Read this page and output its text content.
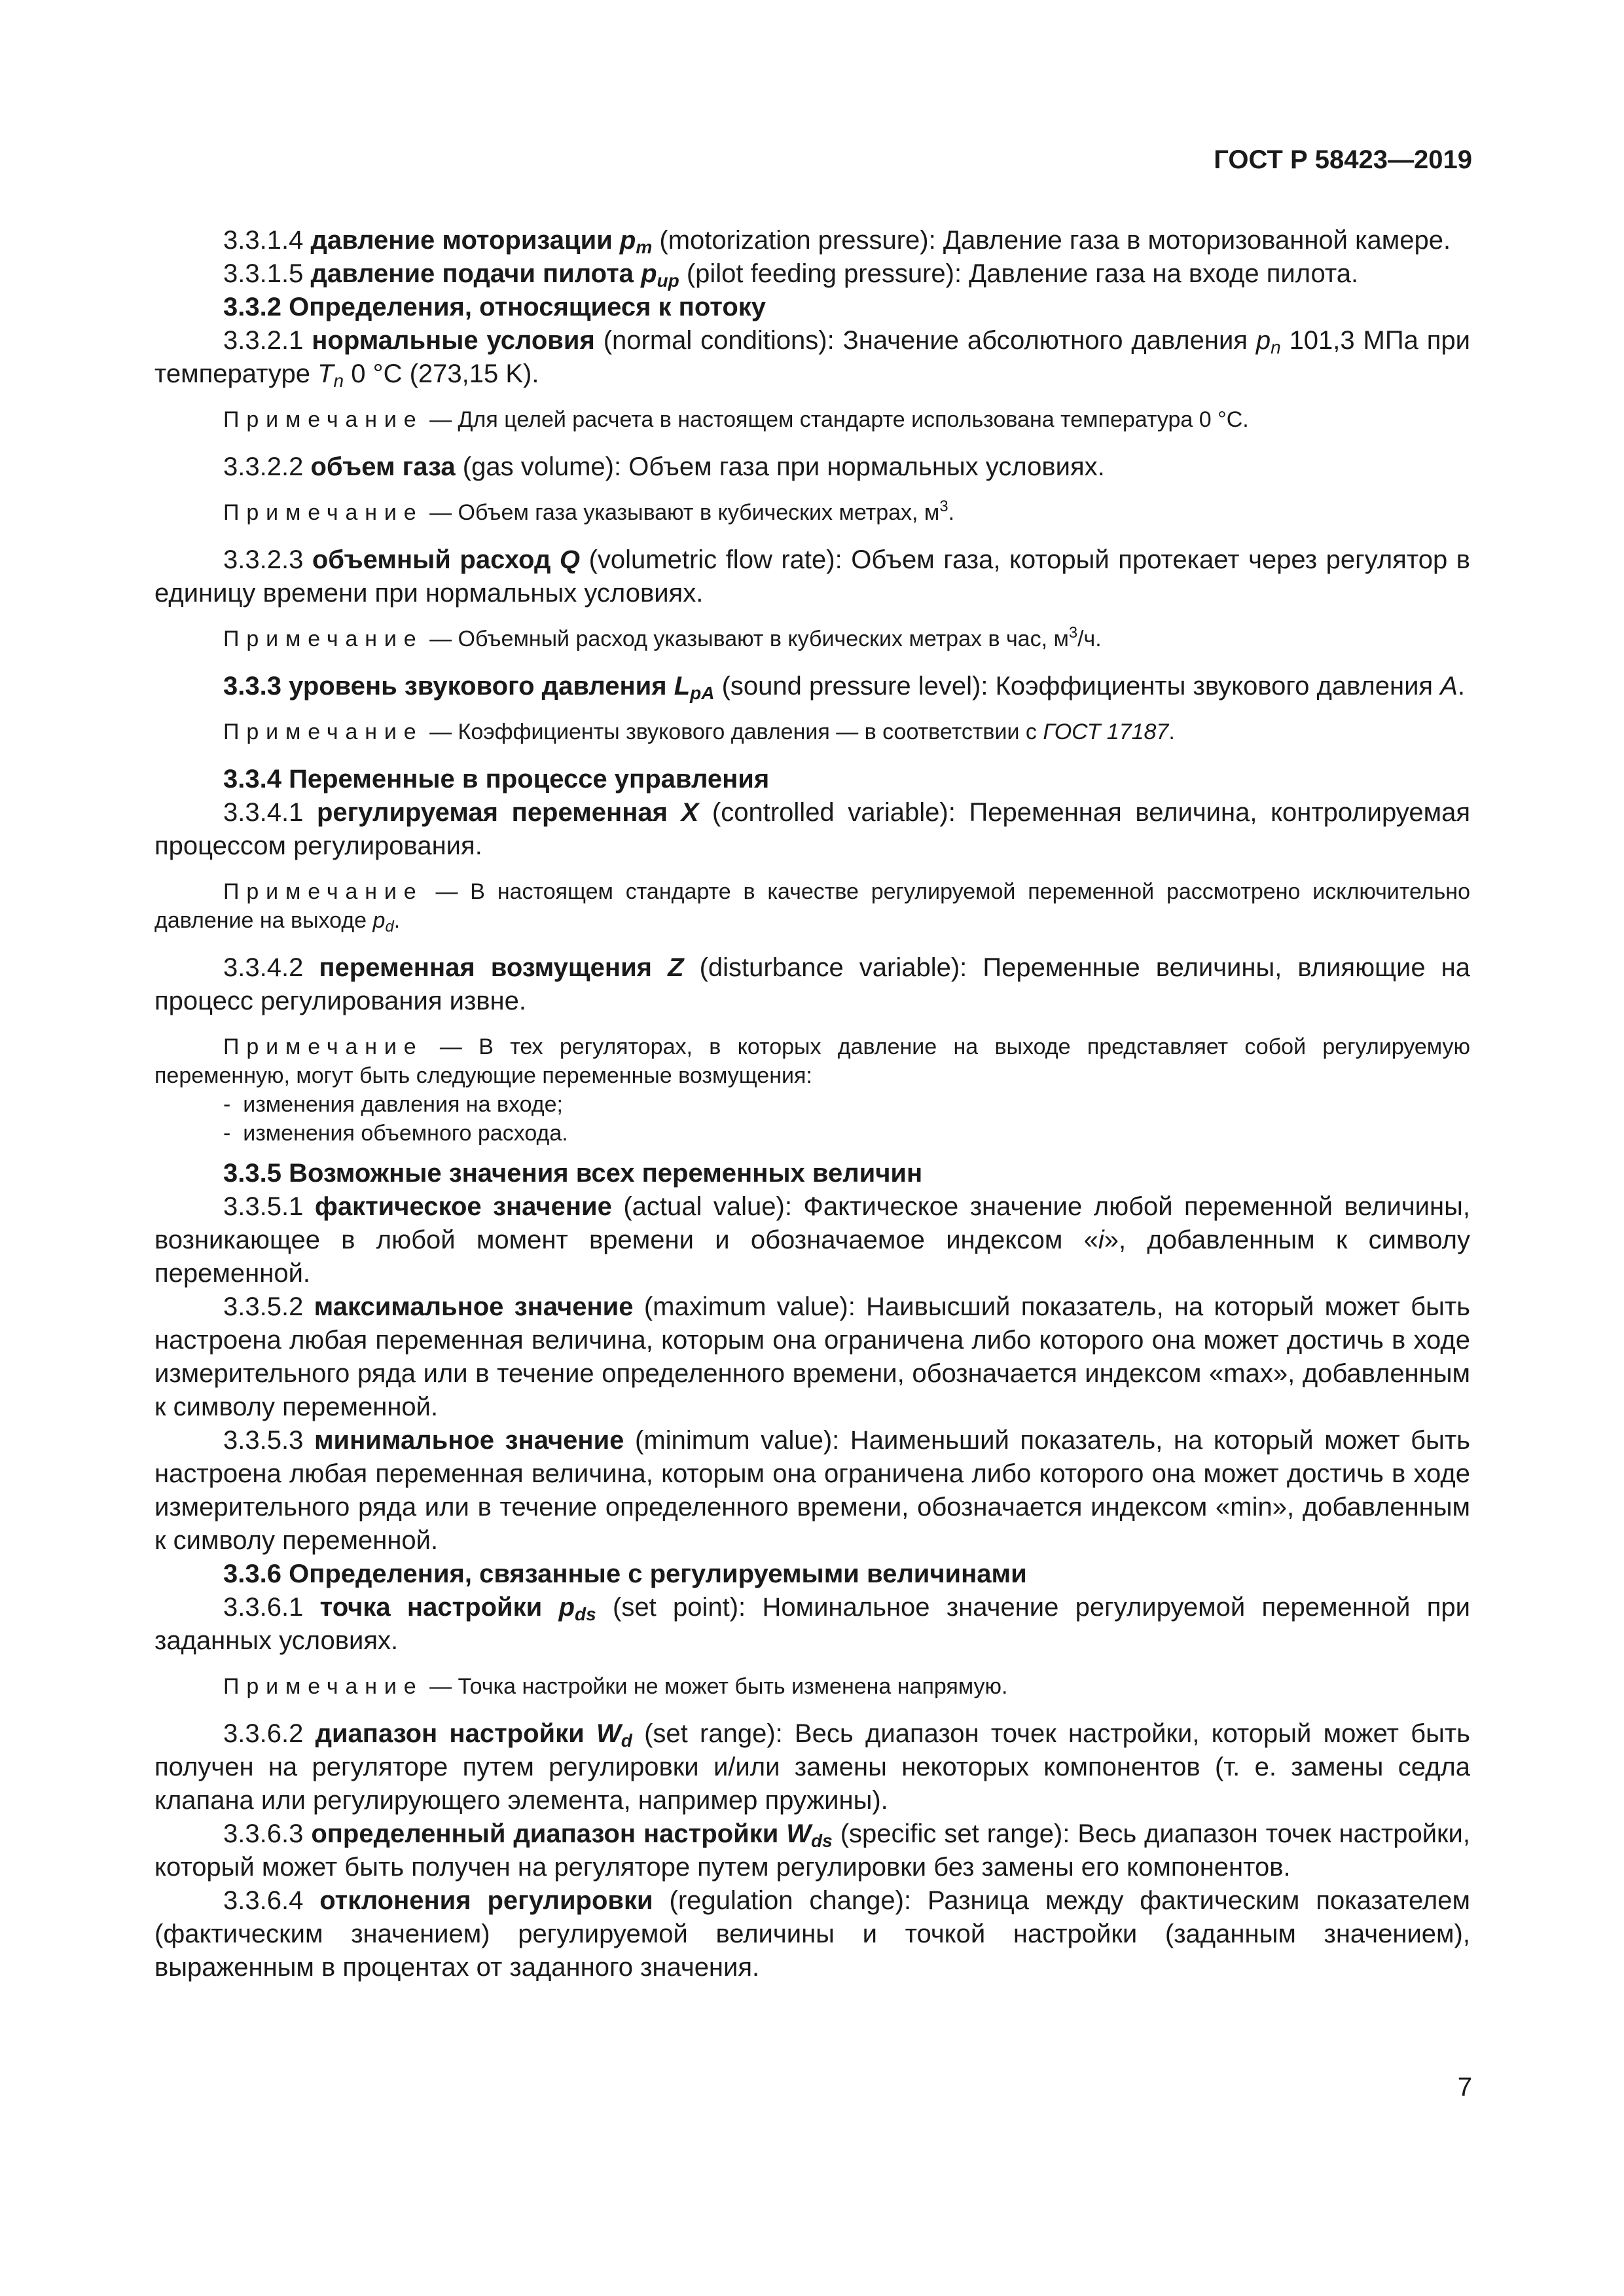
ГОСТ Р 58423—2019

3.3.1.4 давление моторизации $p_m$ (motorization pressure): Давление газа в моторизованной камере.

3.3.1.5 давление подачи пилота $p_{up}$ (pilot feeding pressure): Давление газа на входе пилота.

3.3.2 Определения, относящиеся к потоку

3.3.2.1 нормальные условия (normal conditions): Значение абсолютного давления $p_n$ 101,3 МПа при температуре $T_n$ 0 °С (273,15 K).

Примечание — Для целей расчета в настоящем стандарте использована температура 0 °С.

3.3.2.2 объем газа (gas volume): Объем газа при нормальных условиях.

Примечание — Объем газа указывают в кубических метрах, $м^3$.

3.3.2.3 объемный расход Q (volumetric flow rate): Объем газа, который протекает через регулятор в единицу времени при нормальных условиях.

Примечание — Объемный расход указывают в кубических метрах в час, $м^3/ч$.

3.3.3 уровень звукового давления $L_{pA}$ (sound pressure level): Коэффициенты звукового давления A.

Примечание — Коэффициенты звукового давления — в соответствии с ГОСТ 17187.

3.3.4 Переменные в процессе управления

3.3.4.1 регулируемая переменная X (controlled variable): Переменная величина, контролируемая процессом регулирования.

Примечание — В настоящем стандарте в качестве регулируемой переменной рассмотрено исключительно давление на выходе $p_d$.

3.3.4.2 переменная возмущения Z (disturbance variable): Переменные величины, влияющие на процесс регулирования извне.

Примечание — В тех регуляторах, в которых давление на выходе представляет собой регулируемую переменную, могут быть следующие переменные возмущения:

-  изменения давления на входе;
-  изменения объемного расхода.

3.3.5 Возможные значения всех переменных величин

3.3.5.1 фактическое значение (actual value): Фактическое значение любой переменной величины, возникающее в любой момент времени и обозначаемое индексом «i», добавленным к символу переменной.

3.3.5.2 максимальное значение (maximum value): Наивысший показатель, на который может быть настроена любая переменная величина, которым она ограничена либо которого она может достичь в ходе измерительного ряда или в течение определенного времени, обозначается индексом «max», добавленным к символу переменной.

3.3.5.3 минимальное значение (minimum value): Наименьший показатель, на который может быть настроена любая переменная величина, которым она ограничена либо которого она может достичь в ходе измерительного ряда или в течение определенного времени, обозначается индексом «min», добавленным к символу переменной.

3.3.6 Определения, связанные с регулируемыми величинами

3.3.6.1 точка настройки $p_{ds}$ (set point): Номинальное значение регулируемой переменной при заданных условиях.

Примечание — Точка настройки не может быть изменена напрямую.

3.3.6.2 диапазон настройки $W_d$ (set range): Весь диапазон точек настройки, который может быть получен на регуляторе путем регулировки и/или замены некоторых компонентов (т. е. замены седла клапана или регулирующего элемента, например пружины).

3.3.6.3 определенный диапазон настройки $W_{ds}$ (specific set range): Весь диапазон точек настройки, который может быть получен на регуляторе путем регулировки без замены его компонентов.

3.3.6.4 отклонения регулировки (regulation change): Разница между фактическим показателем (фактическим значением) регулируемой величины и точкой настройки (заданным значением), выраженным в процентах от заданного значения.

7
